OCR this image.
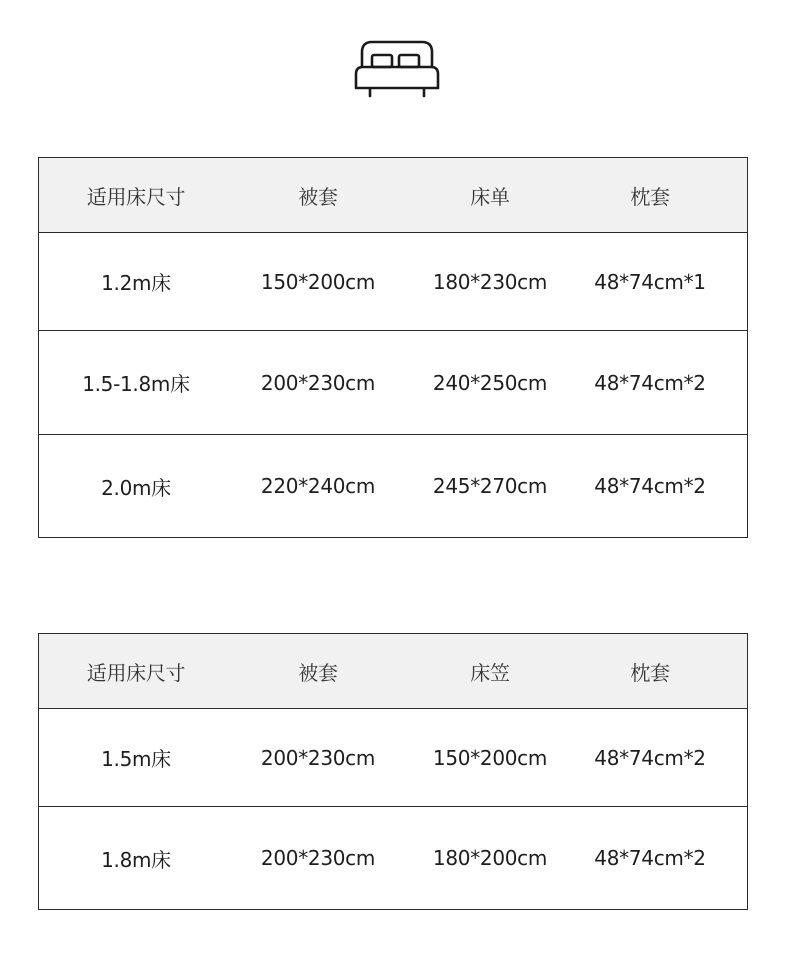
适用床尺寸	被套	床单	枕套
1.2m床	150*200cm	180*230cm 48*74cm*1
1.5-1.8m床	200*230cm	240*250cm 48*74cm*2
2.0m床	220*240cm	245*270cm 48*74cm*2
适用床尺寸	被套	床笠	枕套
1.5m床	200*230cm	150*200cm 48*74cm*2
1.8m床	200*230cm	180*200cm 48*74cm*2
